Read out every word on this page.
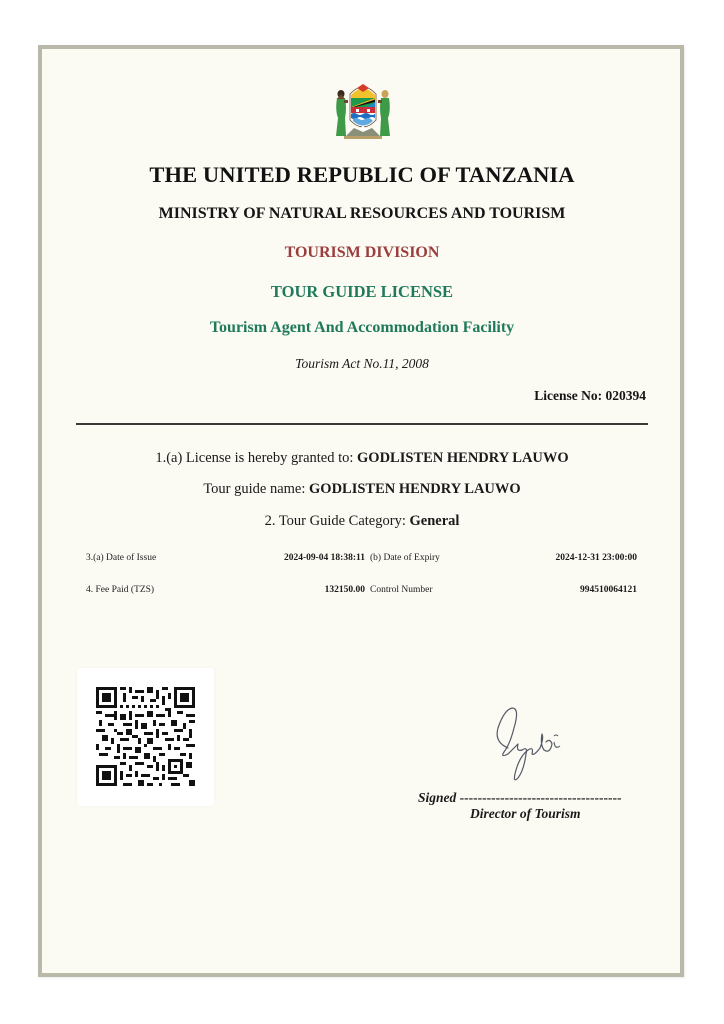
THE UNITED REPUBLIC OF TANZANIA
MINISTRY OF NATURAL RESOURCES AND TOURISM
TOURISM DIVISION
TOUR GUIDE LICENSE
Tourism Agent And Accommodation Facility
Tourism Act No.11, 2008
License No: 020394
1.(a) License is hereby granted to: GODLISTEN HENDRY LAUWO
Tour guide name: GODLISTEN HENDRY LAUWO
2. Tour Guide Category: General
3.(a) Date of Issue	2024-09-04 18:38:11 (b) Date of Expiry	2024-12-31 23:00:00
4. Fee Paid (TZS)	132150.00 Control Number	994510064121
Signed ------------------------------------
Director of Tourism
